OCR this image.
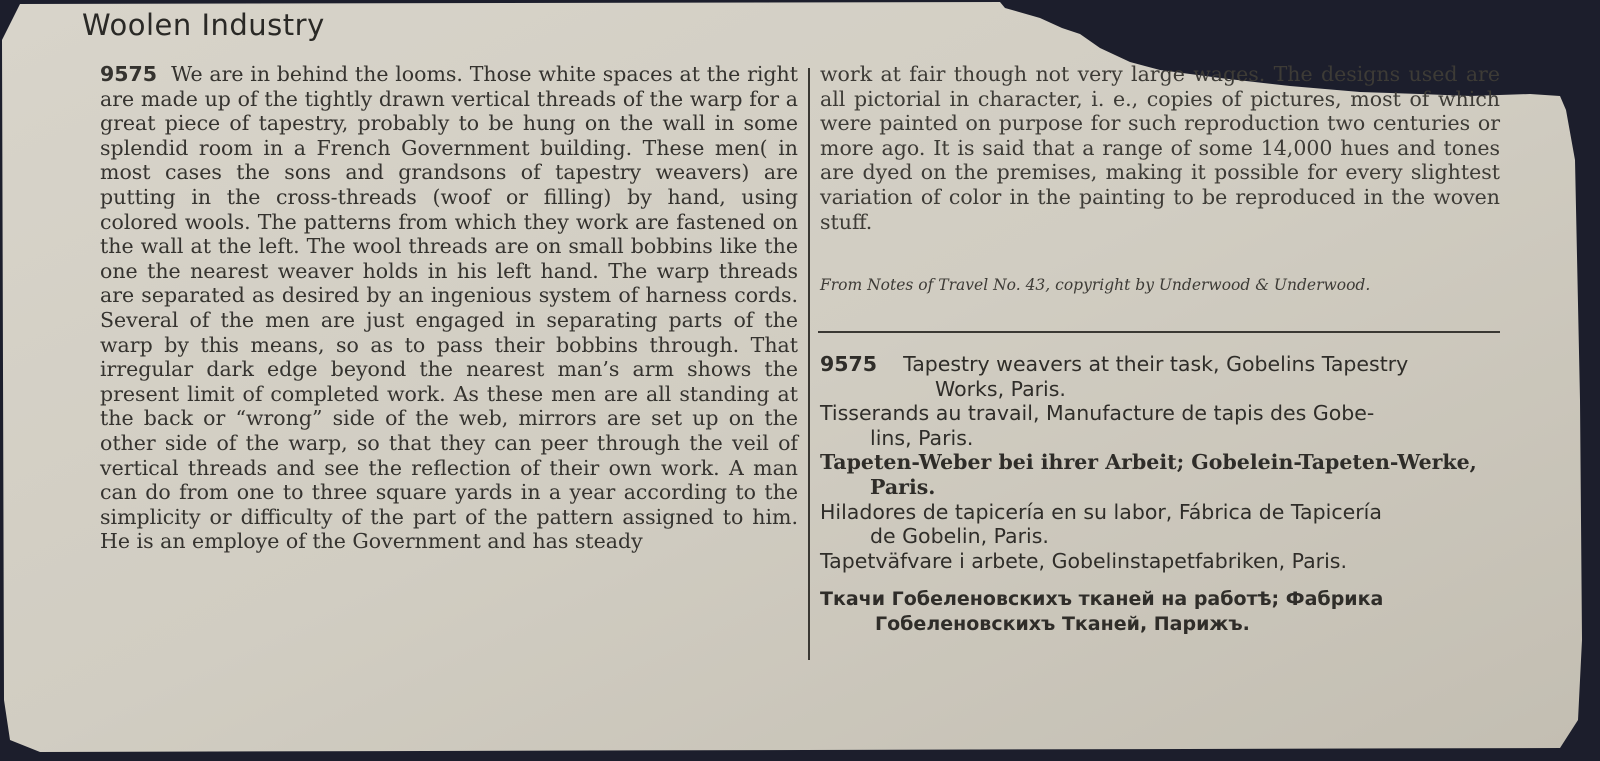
Woolen Industry
9575 We are in behind the looms. Those white spaces at the right are made up of the tightly drawn vertical threads of the warp for a great piece of tapestry, probably to be hung on the wall in some splendid room in a French Government building. These men( in most cases the sons and grandsons of tapestry weavers) are putting in the cross-threads (woof or filling) by hand, using colored wools. The patterns from which they work are fastened on the wall at the left. The wool threads are on small bobbins like the one the nearest weaver holds in his left hand. The warp threads are separated as desired by an ingenious system of harness cords. Several of the men are just engaged in separating parts of the warp by this means, so as to pass their bobbins through. That irregular dark edge beyond the nearest man’s arm shows the present limit of completed work. As these men are all standing at the back or “wrong” side of the web, mirrors are set up on the other side of the warp, so that they can peer through the veil of vertical threads and see the reflection of their own work. A man can do from one to three square yards in a year according to the simplicity or difficulty of the part of the pattern assigned to him. He is an employe of the Government and has steady
work at fair though not very large wages. The designs used are all pictorial in character, i. e., copies of pictures, most of which were painted on purpose for such reproduction two centuries or more ago. It is said that a range of some 14,000 hues and tones are dyed on the premises, making it possible for every slightest variation of color in the painting to be reproduced in the woven stuff.
From Notes of Travel No. 43, copyright by Underwood & Underwood.

9575 Tapestry weavers at their task, Gobelins Tapestry
Works, Paris.

Tisserands au travail, Manufacture de tapis des Gobe-
lins, Paris.

Tapeten-Weber bei ihrer Arbeit; Gobelein-Tapeten-Werke,
Paris.

Hiladores de tapicería en su labor, Fábrica de Tapicería
de Gobelin, Paris.

Tapetväfvare i arbete, Gobelinstapetfabriken, Paris.

Ткачи Гобеленовскихъ тканей на работѣ; Фабрика
Гобеленовскихъ Тканей, Парижъ.
